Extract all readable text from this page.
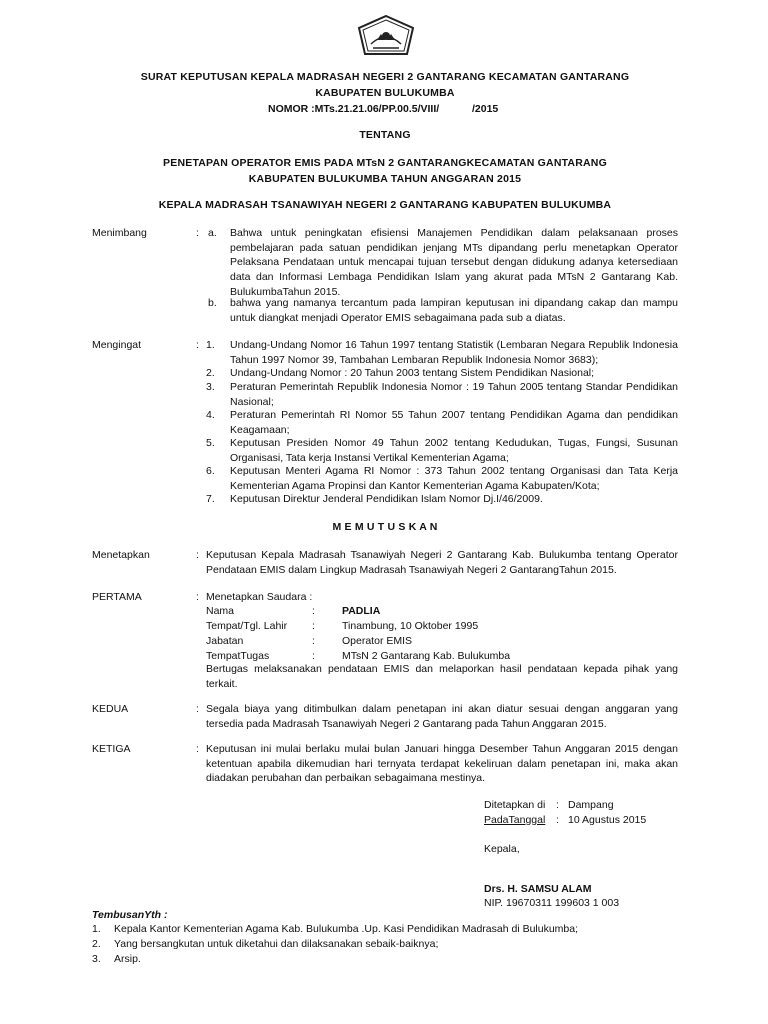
SURAT KEPUTUSAN KEPALA MADRASAH NEGERI 2 GANTARANG KECAMATAN GANTARANG
KABUPATEN BULUKUMBA
NOMOR :MTs.21.21.06/PP.00.5/VIII/	/2015
TENTANG
PENETAPAN OPERATOR EMIS PADA MTsN 2 GANTARANGKECAMATAN GANTARANG
KABUPATEN BULUKUMBA TAHUN ANGGARAN 2015
KEPALA MADRASAH TSANAWIYAH NEGERI 2 GANTARANG KABUPATEN BULUKUMBA
Menimbang	: a.	Bahwa untuk peningkatan efisiensi Manajemen Pendidikan dalam pelaksanaan proses pembelajaran pada satuan pendidikan jenjang MTs dipandang perlu menetapkan Operator Pelaksana Pendataan untuk mencapai tujuan tersebut dengan didukung adanya ketersediaan data dan Informasi Lembaga Pendidikan Islam yang akurat pada MTsN 2 Gantarang Kab. BulukumbaTahun 2015.
b.	bahwa yang namanya tercantum pada lampiran keputusan ini dipandang cakap dan mampu untuk diangkat menjadi Operator EMIS sebagaimana pada sub a diatas.
Mengingat	: 1.	Undang-Undang Nomor 16 Tahun 1997 tentang Statistik (Lembaran Negara Republik Indonesia Tahun 1997 Nomor 39, Tambahan Lembaran Republik Indonesia Nomor 3683);
2.	Undang-Undang Nomor : 20 Tahun 2003 tentang Sistem Pendidikan Nasional;
3.	Peraturan Pemerintah Republik Indonesia Nomor : 19 Tahun 2005 tentang Standar Pendidikan Nasional;
4.	Peraturan Pemerintah RI Nomor 55 Tahun 2007 tentang Pendidikan Agama dan pendidikan Keagamaan;
5.	Keputusan Presiden Nomor 49 Tahun 2002 tentang Kedudukan, Tugas, Fungsi, Susunan Organisasi, Tata kerja Instansi Vertikal Kementerian Agama;
6.	Keputusan Menteri Agama RI Nomor : 373 Tahun 2002 tentang Organisasi dan Tata Kerja Kementerian Agama Propinsi dan Kantor Kementerian Agama Kabupaten/Kota;
7.	Keputusan Direktur Jenderal Pendidikan Islam Nomor Dj.I/46/2009.
M E M U T U S K A N
Menetapkan	: Keputusan Kepala Madrasah Tsanawiyah Negeri 2 Gantarang Kab. Bulukumba tentang Operator Pendataan EMIS dalam Lingkup Madrasah Tsanawiyah Negeri 2 GantarangTahun 2015.
PERTAMA	: Menetapkan Saudara :
Nama	:	PADLIA
Tempat/Tgl. Lahir :	Tinambung, 10 Oktober 1995
Jabatan	:	Operator EMIS
TempatTugas	:	MTsN 2 Gantarang Kab. Bulukumba
Bertugas melaksanakan pendataan EMIS dan melaporkan hasil pendataan kepada pihak yang terkait.
KEDUA	: Segala biaya yang ditimbulkan dalam penetapan ini akan diatur sesuai dengan anggaran yang tersedia pada Madrasah Tsanawiyah Negeri 2 Gantarang pada Tahun Anggaran 2015.
KETIGA	: Keputusan ini mulai berlaku mulai bulan Januari hingga Desember Tahun Anggaran 2015 dengan ketentuan apabila dikemudian hari ternyata terdapat kekeliruan dalam penetapan ini, maka akan diadakan perubahan dan perbaikan sebagaimana mestinya.
Ditetapkan di : Dampang
PadaTanggal	: 10 Agustus 2015
Kepala,
Drs. H. SAMSU ALAM
NIP. 19670311 199603 1 003
TembusanYth :
1.	Kepala Kantor Kementerian Agama Kab. Bulukumba .Up. Kasi Pendidikan Madrasah di Bulukumba;
2.	Yang bersangkutan untuk diketahui dan dilaksanakan sebaik-baiknya;
3.	Arsip.
